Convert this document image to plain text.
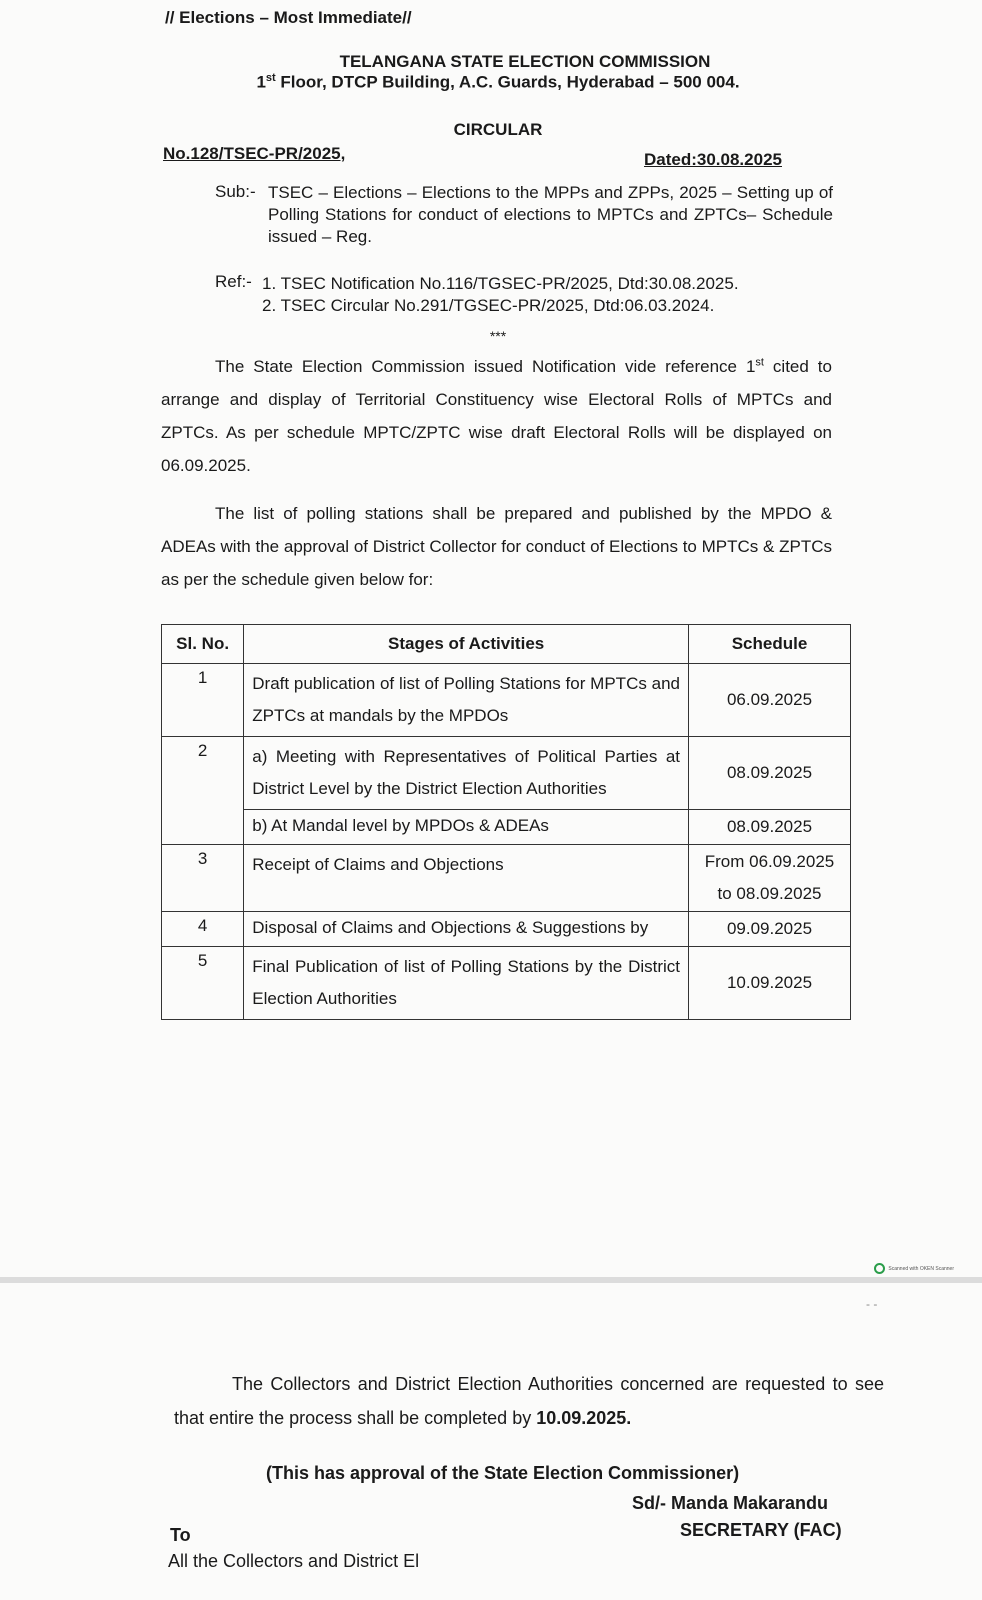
// Elections – Most Immediate//
TELANGANA STATE ELECTION COMMISSION
1st Floor, DTCP Building, A.C. Guards, Hyderabad – 500 004.
CIRCULAR
No.128/TSEC-PR/2025,	Dated:30.08.2025
Sub:- TSEC – Elections – Elections to the MPPs and ZPPs, 2025 – Setting up of Polling Stations for conduct of elections to MPTCs and ZPTCs– Schedule issued – Reg.
Ref:- 1. TSEC Notification No.116/TGSEC-PR/2025, Dtd:30.08.2025.
2. TSEC Circular No.291/TGSEC-PR/2025, Dtd:06.03.2024.
***
The State Election Commission issued Notification vide reference 1st cited to arrange and display of Territorial Constituency wise Electoral Rolls of MPTCs and ZPTCs. As per schedule MPTC/ZPTC wise draft Electoral Rolls will be displayed on 06.09.2025.
The list of polling stations shall be prepared and published by the MPDO & ADEAs with the approval of District Collector for conduct of Elections to MPTCs & ZPTCs as per the schedule given below for:
Sl. No.	Stages of Activities	Schedule
1	Draft publication of list of Polling Stations for MPTCs and ZPTCs at mandals by the MPDOs	06.09.2025
2	a) Meeting with Representatives of Political Parties at District Level by the District Election Authorities	08.09.2025
	b) At Mandal level by MPDOs & ADEAs	08.09.2025
3	Receipt of Claims and Objections	From 06.09.2025
to 08.09.2025

4	Disposal of Claims and Objections & Suggestions by	09.09.2025
5	Final Publication of list of Polling Stations by the District Election Authorities	10.09.2025
Scanned with OKEN Scanner
- -
The Collectors and District Election Authorities concerned are requested to see that entire the process shall be completed by 10.09.2025.
(This has approval of the State Election Commissioner)
Sd/- Manda Makarandu
SECRETARY (FAC)
To
All the Collectors and District El
